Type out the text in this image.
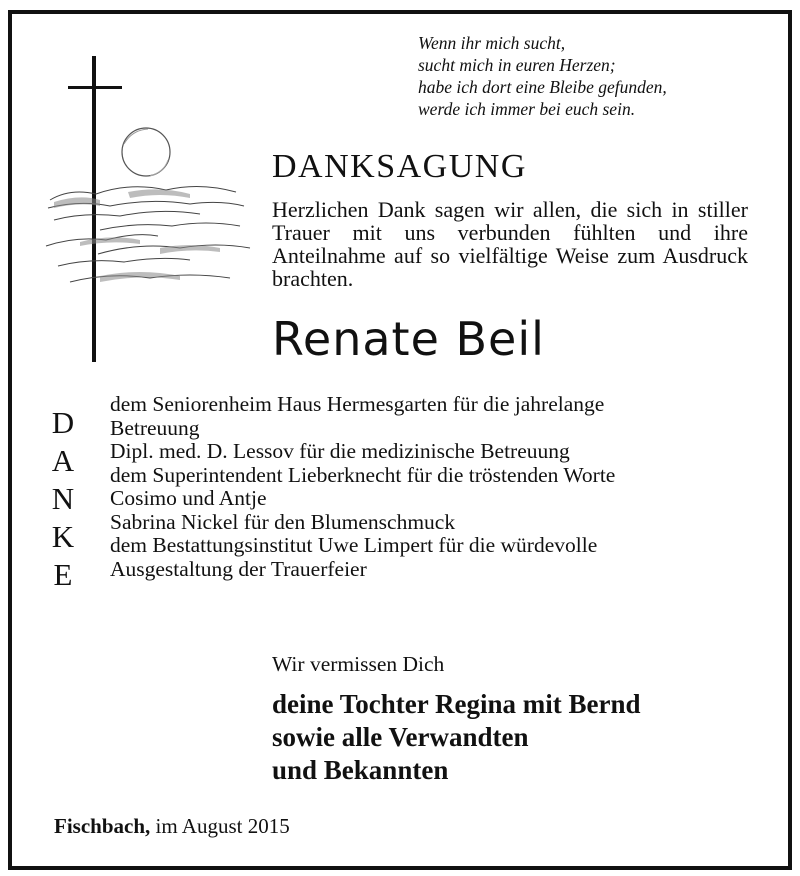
Wenn ihr mich sucht,
sucht mich in euren Herzen;
habe ich dort eine Bleibe gefunden,
werde ich immer bei euch sein.
DANKSAGUNG
Herzlichen Dank sagen wir allen, die sich in stiller Trauer mit uns verbunden fühlten und ihre Anteilnahme auf so vielfältige Weise zum Ausdruck brachten.
Renate Beil
D
A
N
K
E
dem Seniorenheim Haus Hermesgarten für die jahrelange
Betreuung
Dipl. med. D. Lessov für die medizinische Betreuung
dem Superintendent Lieberknecht für die tröstenden Worte
Cosimo und Antje
Sabrina Nickel für den Blumenschmuck
dem Bestattungsinstitut Uwe Limpert für die würdevolle
Ausgestaltung der Trauerfeier
Wir vermissen Dich
deine Tochter Regina mit Bernd
sowie alle Verwandten
und Bekannten
Fischbach, im August 2015
